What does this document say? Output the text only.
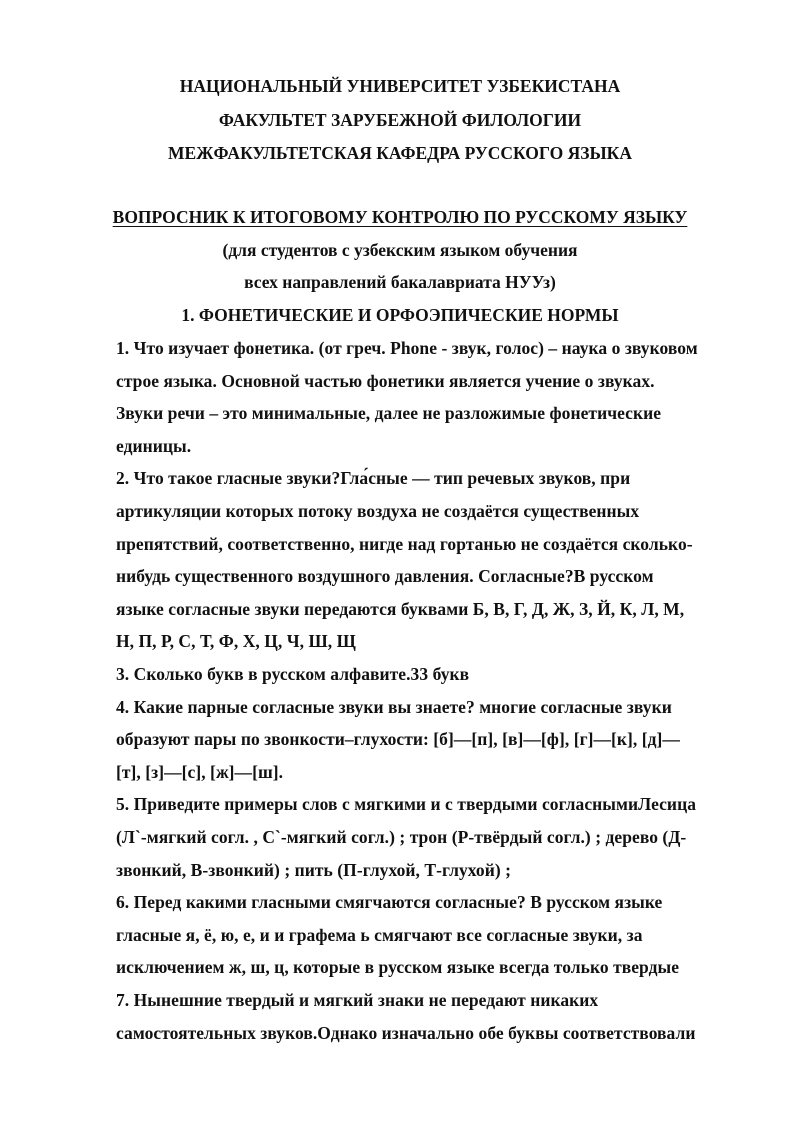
НАЦИОНАЛЬНЫЙ УНИВЕРСИТЕТ УЗБЕКИСТАНА
ФАКУЛЬТЕТ ЗАРУБЕЖНОЙ ФИЛОЛОГИИ
МЕЖФАКУЛЬТЕТСКАЯ КАФЕДРА РУССКОГО ЯЗЫКА
ВОПРОСНИК К ИТОГОВОМУ КОНТРОЛЮ ПО РУССКОМУ ЯЗЫКУ
(для студентов с узбекским языком обучения
всех направлений бакалавриата НУУз)
1. ФОНЕТИЧЕСКИЕ И ОРФОЭПИЧЕСКИЕ НОРМЫ
1. Что изучает фонетика. (от греч. Phone - звук, голос) – наука о звуковом
строе языка. Основной частью фонетики является учение о звуках.
Звуки речи – это минимальные, далее не разложимые фонетические
единицы.
2. Что такое гласные звуки?Гла́сные — тип речевых звуков, при
артикуляции которых потоку воздуха не создаётся существенных
препятствий, соответственно, нигде над гортанью не создаётся сколько-
нибудь существенного воздушного давления. Согласные?В русском
языке согласные звуки передаются буквами Б, В, Г, Д, Ж, З, Й, К, Л, М,
Н, П, Р, С, Т, Ф, Х, Ц, Ч, Ш, Щ
3. Сколько букв в русском алфавите.33 букв
4. Какие парные согласные звуки вы знаете? многие согласные звуки
образуют пары по звонкости–глухости: [б]—[п], [в]—[ф], [г]—[к], [д]—
[т], [з]—[с], [ж]—[ш].
5. Приведите примеры слов с мягкими и с твердыми согласнымиЛесица
(Л`-мягкий согл. , С`-мягкий согл.) ; трон (Р-твёрдый согл.) ; дерево (Д-
звонкий, В-звонкий) ; пить (П-глухой, Т-глухой) ;
6. Перед какими гласными смягчаются согласные? В русском языке
гласные я, ё, ю, е, и и графема ь смягчают все согласные звуки, за
исключением ж, ш, ц, которые в русском языке всегда только твердые
7. Нынешние твердый и мягкий знаки не передают никаких
самостоятельных звуков.Однако изначально обе буквы соответствовали
